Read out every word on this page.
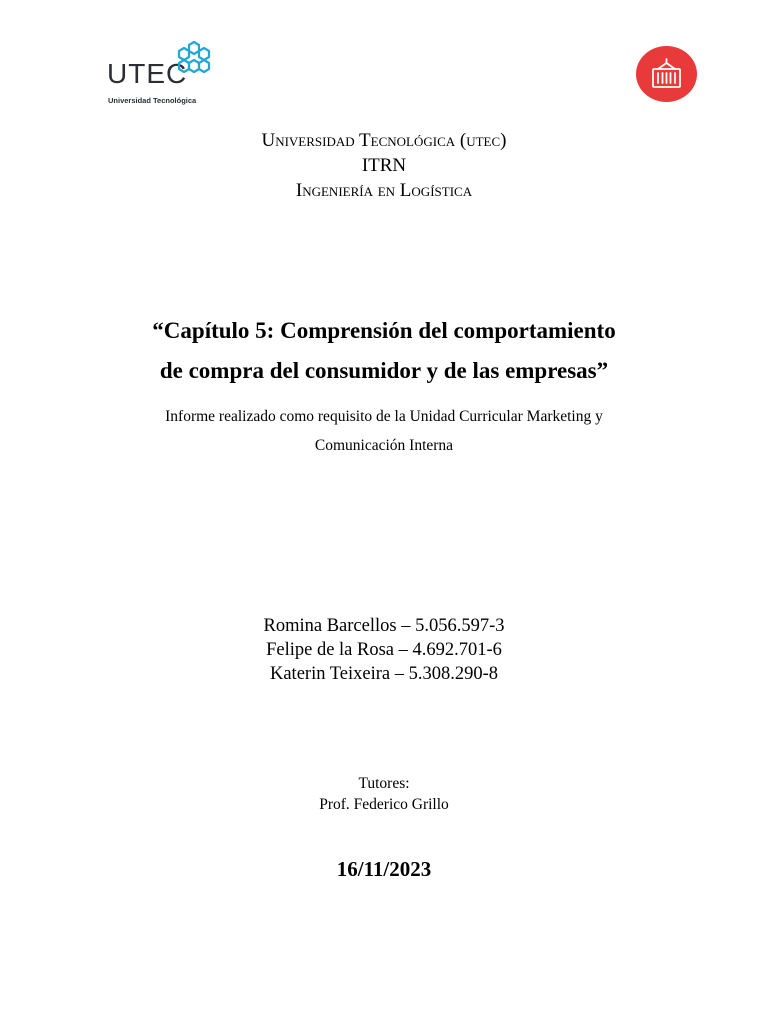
UTEC
Universidad Tecnológica
Universidad Tecnológica (utec)
ITRN
Ingeniería en Logística
“Capítulo 5: Comprensión del comportamiento
de compra del consumidor y de las empresas”
Informe realizado como requisito de la Unidad Curricular Marketing y
Comunicación Interna
Romina Barcellos – 5.056.597-3
Felipe de la Rosa – 4.692.701-6
Katerin Teixeira – 5.308.290-8
Tutores:
Prof. Federico Grillo
16/11/2023
